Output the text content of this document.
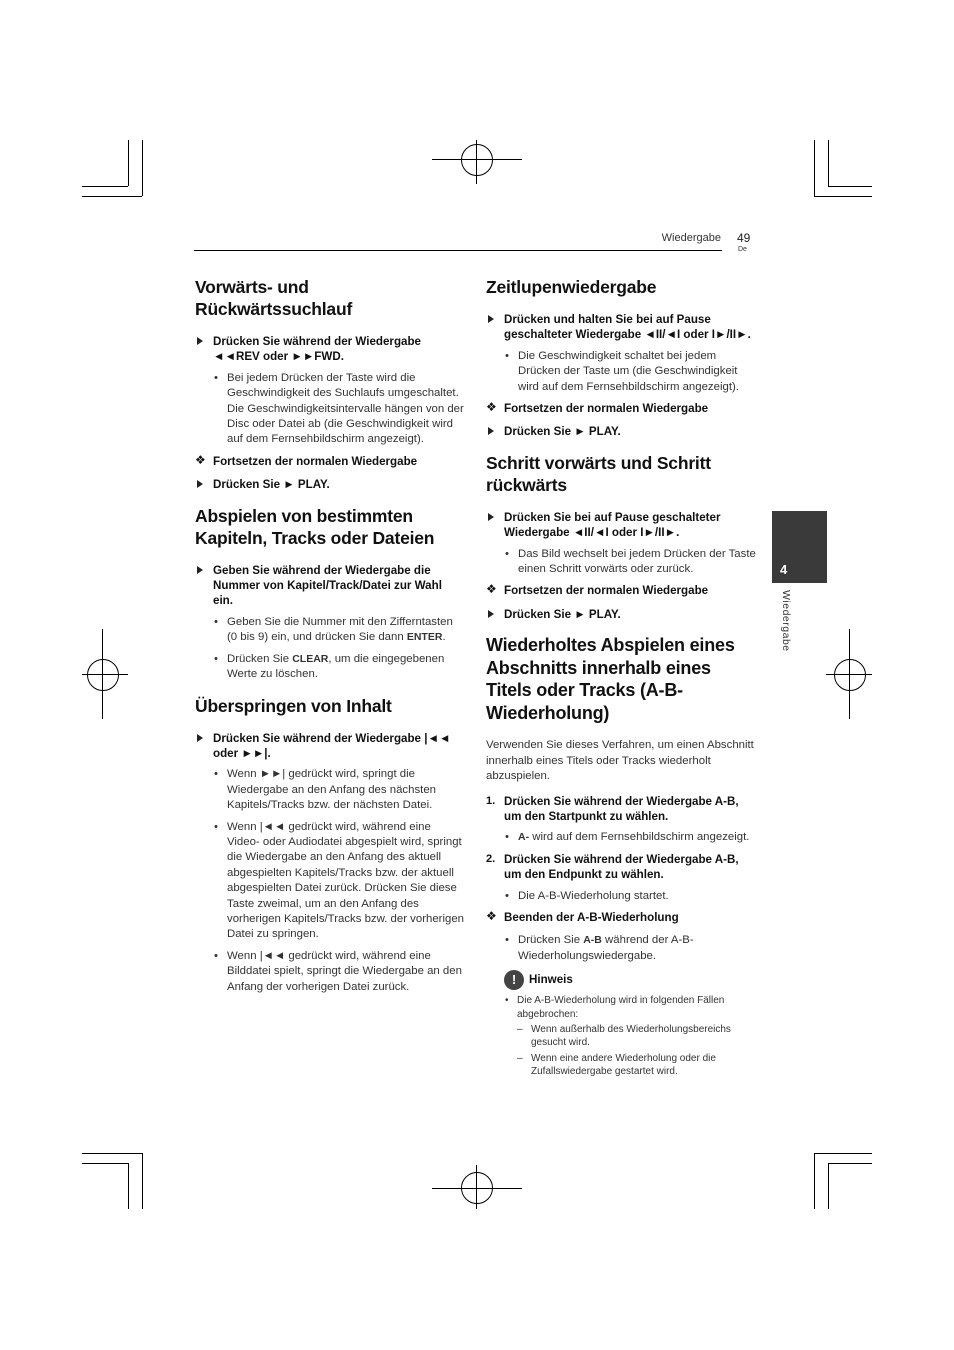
Wiedergabe 49
De
4
Wiedergabe
Vorwärts- und Rückwärtssuchlauf
Drücken Sie während der Wiedergabe ◄◄REV oder ►►FWD.
• Bei jedem Drücken der Taste wird die Geschwindigkeit des Suchlaufs umgeschaltet. Die Geschwindigkeitsintervalle hängen von der Disc oder Datei ab (die Geschwindigkeit wird auf dem Fernsehbildschirm angezeigt).
❖ Fortsetzen der normalen Wiedergabe
Drücken Sie ► PLAY.
Abspielen von bestimmten Kapiteln, Tracks oder Dateien
Geben Sie während der Wiedergabe die Nummer von Kapitel/Track/Datei zur Wahl ein.
• Geben Sie die Nummer mit den Zifferntasten (0 bis 9) ein, und drücken Sie dann ENTER.
• Drücken Sie CLEAR, um die eingegebenen Werte zu löschen.
Überspringen von Inhalt
Drücken Sie während der Wiedergabe |◄◄ oder ►►|.
• Wenn ►►| gedrückt wird, springt die Wiedergabe an den Anfang des nächsten Kapitels/Tracks bzw. der nächsten Datei.
• Wenn |◄◄ gedrückt wird, während eine Video- oder Audiodatei abgespielt wird, springt die Wiedergabe an den Anfang des aktuell abgespielten Kapitels/Tracks bzw. der aktuell abgespielten Datei zurück. Drücken Sie diese Taste zweimal, um an den Anfang des vorherigen Kapitels/Tracks bzw. der vorherigen Datei zu springen.
• Wenn |◄◄ gedrückt wird, während eine Bilddatei spielt, springt die Wiedergabe an den Anfang der vorherigen Datei zurück.
Zeitlupenwiedergabe
Drücken und halten Sie bei auf Pause geschalteter Wiedergabe ◄II/◄I oder I►/II►.
• Die Geschwindigkeit schaltet bei jedem Drücken der Taste um (die Geschwindigkeit wird auf dem Fernsehbildschirm angezeigt).
❖ Fortsetzen der normalen Wiedergabe
Drücken Sie ► PLAY.
Schritt vorwärts und Schritt rückwärts
Drücken Sie bei auf Pause geschalteter Wiedergabe ◄II/◄I oder I►/II►.
• Das Bild wechselt bei jedem Drücken der Taste einen Schritt vorwärts oder zurück.
❖ Fortsetzen der normalen Wiedergabe
Drücken Sie ► PLAY.
Wiederholtes Abspielen eines Abschnitts innerhalb eines Titels oder Tracks (A-B-Wiederholung)

Verwenden Sie dieses Verfahren, um einen Abschnitt innerhalb eines Titels oder Tracks wiederholt abzuspielen.

1. Drücken Sie während der Wiedergabe A-B, um den Startpunkt zu wählen.
• A- wird auf dem Fernsehbildschirm angezeigt.
2. Drücken Sie während der Wiedergabe A-B, um den Endpunkt zu wählen.
• Die A-B-Wiederholung startet.
❖ Beenden der A-B-Wiederholung
• Drücken Sie A-B während der A-B-Wiederholungswiedergabe.
!	Hinweis
• Die A-B-Wiederholung wird in folgenden Fällen abgebrochen:
– Wenn außerhalb des Wiederholungsbereichs gesucht wird.
– Wenn eine andere Wiederholung oder die Zufallswiedergabe gestartet wird.
